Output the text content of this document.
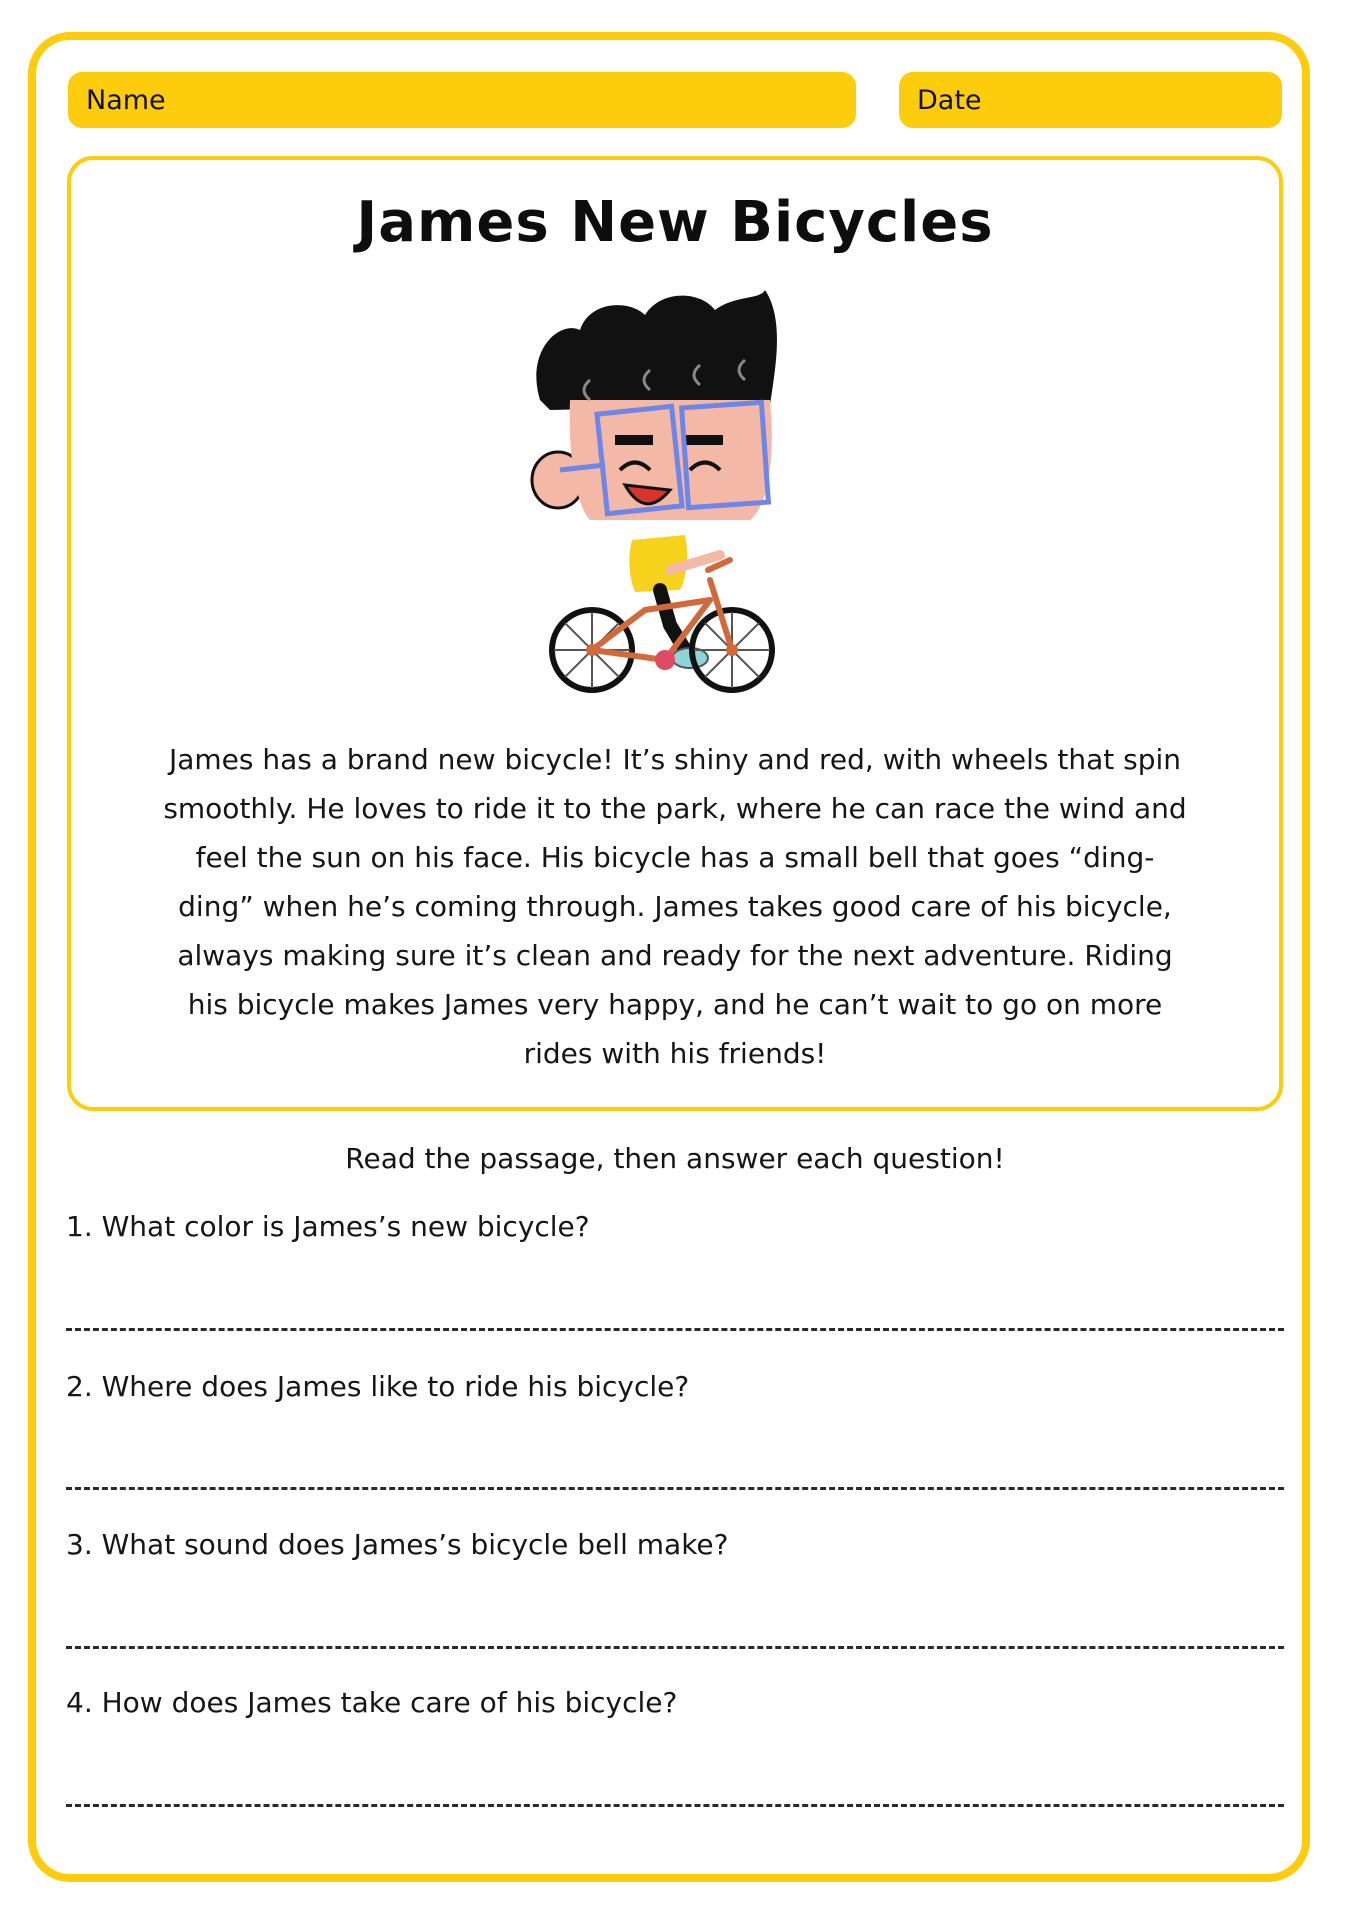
Name	Date
James New Bicycles

James has a brand new bicycle! It’s shiny and red, with wheels that spin smoothly. He loves to ride it to the park, where he can race the wind and feel the sun on his face. His bicycle has a small bell that goes “ding-ding” when he’s coming through. James takes good care of his bicycle, always making sure it’s clean and ready for the next adventure. Riding his bicycle makes James very happy, and he can’t wait to go on more rides with his friends!

Read the passage, then answer each question!
1. What color is James’s new bicycle?
2. Where does James like to ride his bicycle?
3. What sound does James’s bicycle bell make?
4. How does James take care of his bicycle?
